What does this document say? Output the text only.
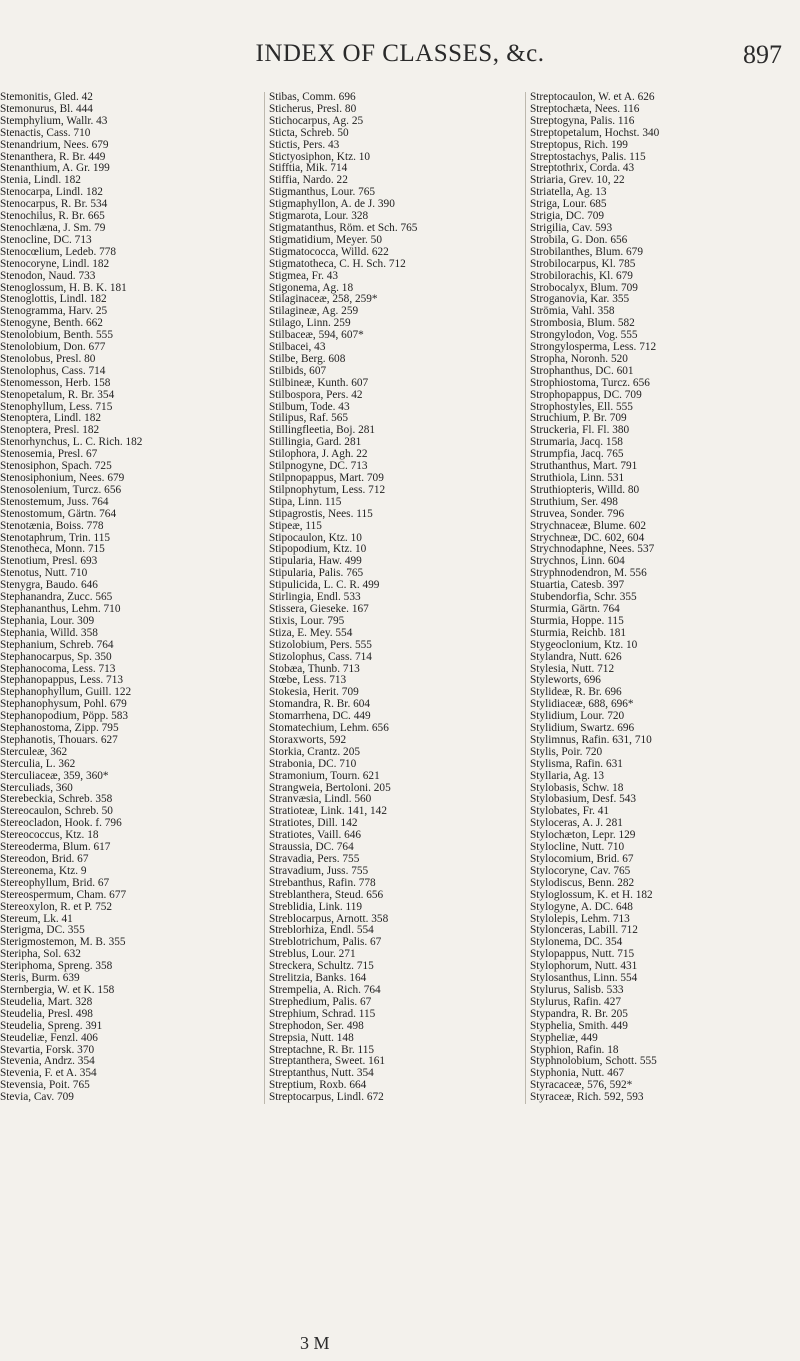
INDEX OF CLASSES, &c.	897
Stemonitis, Gled. 42
Stemonurus, Bl. 444
Stemphylium, Wallr. 43
Stenactis, Cass. 710
Stenandrium, Nees. 679
Stenanthera, R. Br. 449
Stenanthium, A. Gr. 199
Stenia, Lindl. 182
Stenocarpa, Lindl. 182
Stenocarpus, R. Br. 534
Stenochilus, R. Br. 665
Stenochlæna, J. Sm. 79
Stenocline, DC. 713
Stenocœlium, Ledeb. 778
Stenocoryne, Lindl. 182
Stenodon, Naud. 733
Stenoglossum, H. B. K. 181
Stenoglottis, Lindl. 182
Stenogramma, Harv. 25
Stenogyne, Benth. 662
Stenolobium, Benth. 555
Stenolobium, Don. 677
Stenolobus, Presl. 80
Stenolophus, Cass. 714
Stenomesson, Herb. 158
Stenopetalum, R. Br. 354
Stenophyllum, Less. 715
Stenoptera, Lindl. 182
Stenoptera, Presl. 182
Stenorhynchus, L. C. Rich. 182
Stenosemia, Presl. 67
Stenosiphon, Spach. 725
Stenosiphonium, Nees. 679
Stenosolenium, Turcz. 656
Stenostemum, Juss. 764
Stenostomum, Gärtn. 764
Stenotænia, Boiss. 778
Stenotaphrum, Trin. 115
Stenotheca, Monn. 715
Stenotium, Presl. 693
Stenotus, Nutt. 710
Stenygra, Baudo. 646
Stephanandra, Zucc. 565
Stephananthus, Lehm. 710
Stephania, Lour. 309
Stephania, Willd. 358
Stephanium, Schreb. 764
Stephanocarpus, Sp. 350
Stephanocoma, Less. 713
Stephanopappus, Less. 713
Stephanophyllum, Guill. 122
Stephanophysum, Pohl. 679
Stephanopodium, Pöpp. 583
Stephanostoma, Zipp. 795
Stephanotis, Thouars. 627
Sterculeæ, 362
Sterculia, L. 362
Sterculiaceæ, 359, 360*
Sterculiads, 360
Sterebeckia, Schreb. 358
Stereocaulon, Schreb. 50
Stereocladon, Hook. f. 796
Stereococcus, Ktz. 18
Stereoderma, Blum. 617
Stereodon, Brid. 67
Stereonema, Ktz. 9
Stereophyllum, Brid. 67
Stereospermum, Cham. 677
Stereoxylon, R. et P. 752
Stereum, Lk. 41
Sterigma, DC. 355
Sterigmostemon, M. B. 355
Steripha, Sol. 632
Steriphoma, Spreng. 358
Steris, Burm. 639
Sternbergia, W. et K. 158
Steudelia, Mart. 328
Steudelia, Presl. 498
Steudelia, Spreng. 391
Steudeliæ, Fenzl. 406
Stevartia, Forsk. 370
Stevenia, Andrz. 354
Stevenia, F. et A. 354
Stevensia, Poit. 765
Stevia, Cav. 709
Stibas, Comm. 696
Sticherus, Presl. 80
Stichocarpus, Ag. 25
Sticta, Schreb. 50
Stictis, Pers. 43
Stictyosiphon, Ktz. 10
Stifftia, Mik. 714
Stiffia, Nardo. 22
Stigmanthus, Lour. 765
Stigmaphyllon, A. de J. 390
Stigmarota, Lour. 328
Stigmatanthus, Röm. et Sch. 765
Stigmatidium, Meyer. 50
Stigmatococca, Willd. 622
Stigmatotheca, C. H. Sch. 712
Stigmea, Fr. 43
Stigonema, Ag. 18
Stilaginaceæ, 258, 259*
Stilagineæ, Ag. 259
Stilago, Linn. 259
Stilbaceæ, 594, 607*
Stilbacei, 43
Stilbe, Berg. 608
Stilbids, 607
Stilbineæ, Kunth. 607
Stilbospora, Pers. 42
Stilbum, Tode. 43
Stilipus, Raf. 565
Stillingfleetia, Boj. 281
Stillingia, Gard. 281
Stilophora, J. Agh. 22
Stilpnogyne, DC. 713
Stilpnopappus, Mart. 709
Stilpnophytum, Less. 712
Stipa, Linn. 115
Stipagrostis, Nees. 115
Stipeæ, 115
Stipocaulon, Ktz. 10
Stipopodium, Ktz. 10
Stipularia, Haw. 499
Stipularia, Palis. 765
Stipulicida, L. C. R. 499
Stirlingia, Endl. 533
Stissera, Gieseke. 167
Stixis, Lour. 795
Stiza, E. Mey. 554
Stizolobium, Pers. 555
Stizolophus, Cass. 714
Stobæa, Thunb. 713
Stœbe, Less. 713
Stokesia, Herit. 709
Stomandra, R. Br. 604
Stomarrhena, DC. 449
Stomatechium, Lehm. 656
Storaxworts, 592
Storkia, Crantz. 205
Strabonia, DC. 710
Stramonium, Tourn. 621
Strangweia, Bertoloni. 205
Stranvæsia, Lindl. 560
Stratioteæ, Link. 141, 142
Stratiotes, Dill. 142
Stratiotes, Vaill. 646
Straussia, DC. 764
Stravadia, Pers. 755
Stravadium, Juss. 755
Strebanthus, Rafin. 778
Streblanthera, Steud. 656
Streblidia, Link. 119
Streblocarpus, Arnott. 358
Streblorhiza, Endl. 554
Streblotrichum, Palis. 67
Streblus, Lour. 271
Streckera, Schultz. 715
Strelitzia, Banks. 164
Strempelia, A. Rich. 764
Strephedium, Palis. 67
Strephium, Schrad. 115
Strephodon, Ser. 498
Strepsia, Nutt. 148
Streptachne, R. Br. 115
Streptanthera, Sweet. 161
Streptanthus, Nutt. 354
Streptium, Roxb. 664
Streptocarpus, Lindl. 672
Streptocaulon, W. et A. 626
Streptochæta, Nees. 116
Streptogyna, Palis. 116
Streptopetalum, Hochst. 340
Streptopus, Rich. 199
Streptostachys, Palis. 115
Streptothrix, Corda. 43
Striaria, Grev. 10, 22
Striatella, Ag. 13
Striga, Lour. 685
Strigia, DC. 709
Strigilia, Cav. 593
Strobila, G. Don. 656
Strobilanthes, Blum. 679
Strobilocarpus, Kl. 785
Strobilorachis, Kl. 679
Strobocalyx, Blum. 709
Stroganovia, Kar. 355
Strömia, Vahl. 358
Strombosia, Blum. 582
Strongylodon, Vog. 555
Strongylosperma, Less. 712
Stropha, Noronh. 520
Strophanthus, DC. 601
Strophiostoma, Turcz. 656
Strophopappus, DC. 709
Strophostyles, Ell. 555
Struchium, P. Br. 709
Struckeria, Fl. Fl. 380
Strumaria, Jacq. 158
Strumpfia, Jacq. 765
Struthanthus, Mart. 791
Struthiola, Linn. 531
Struthiopteris, Willd. 80
Struthium, Ser. 498
Struvea, Sonder. 796
Strychnaceæ, Blume. 602
Strychneæ, DC. 602, 604
Strychnodaphne, Nees. 537
Strychnos, Linn. 604
Stryphnodendron, M. 556
Stuartia, Catesb. 397
Stubendorfia, Schr. 355
Sturmia, Gärtn. 764
Sturmia, Hoppe. 115
Sturmia, Reichb. 181
Stygeoclonium, Ktz. 10
Stylandra, Nutt. 626
Stylesia, Nutt. 712
Styleworts, 696
Stylideæ, R. Br. 696
Stylidiaceæ, 688, 696*
Stylidium, Lour. 720
Stylidium, Swartz. 696
Stylimnus, Rafin. 631, 710
Stylis, Poir. 720
Stylisma, Rafin. 631
Styllaria, Ag. 13
Stylobasis, Schw. 18
Stylobasium, Desf. 543
Stylobates, Fr. 41
Styloceras, A. J. 281
Stylochæton, Lepr. 129
Stylocline, Nutt. 710
Stylocomium, Brid. 67
Stylocoryne, Cav. 765
Stylodiscus, Benn. 282
Styloglossum, K. et H. 182
Stylogyne, A. DC. 648
Stylolepis, Lehm. 713
Stylonceras, Labill. 712
Stylonema, DC. 354
Stylopappus, Nutt. 715
Stylophorum, Nutt. 431
Stylosanthus, Linn. 554
Stylurus, Salisb. 533
Stylurus, Rafin. 427
Stypandra, R. Br. 205
Styphelia, Smith. 449
Stypheliæ, 449
Styphion, Rafin. 18
Styphnolobium, Schott. 555
Styphonia, Nutt. 467
Styracaceæ, 576, 592*
Styraceæ, Rich. 592, 593
3 M
